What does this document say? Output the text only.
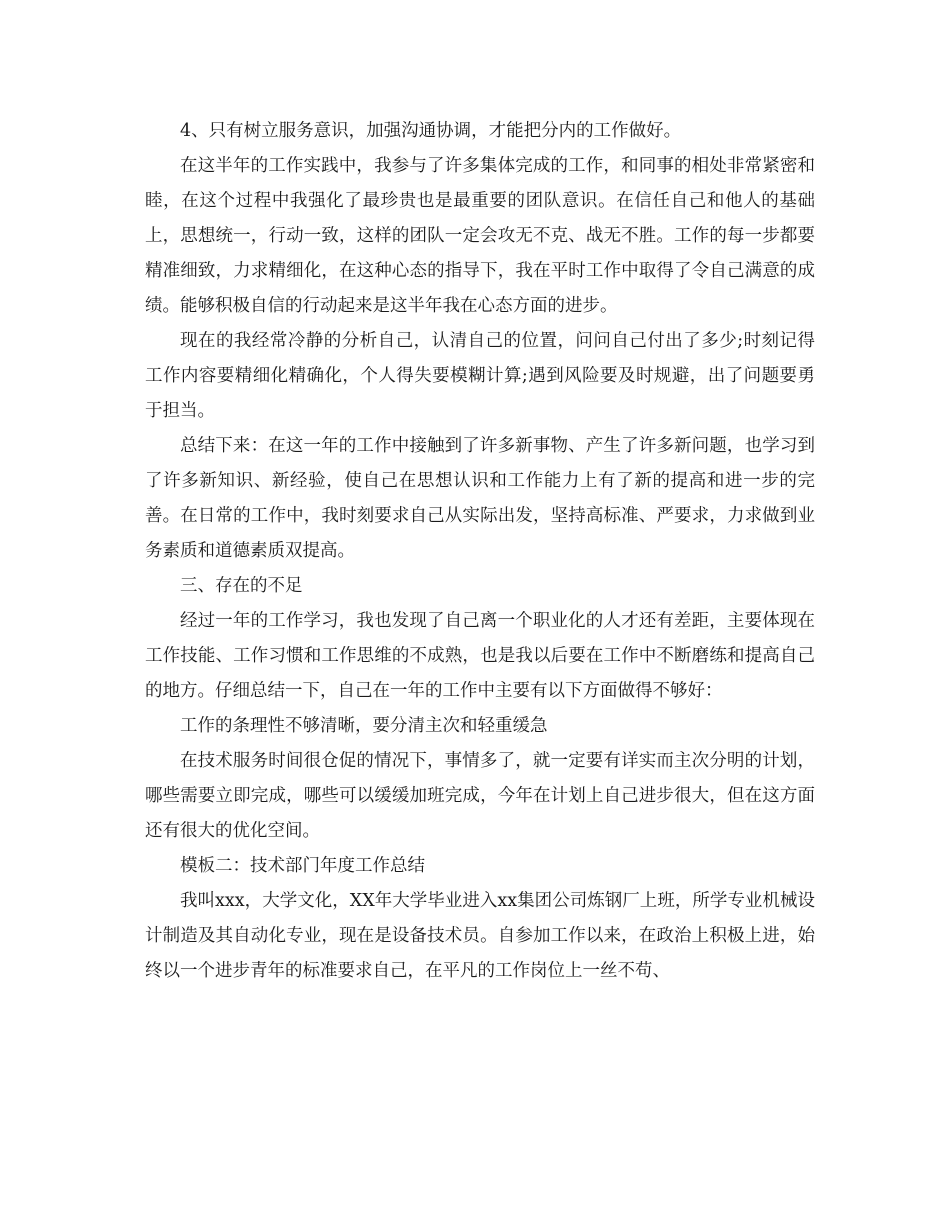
4、只有树立服务意识，加强沟通协调，才能把分内的工作做好。

在这半年的工作实践中，我参与了许多集体完成的工作，和同事的相处非常紧密和睦，在这个过程中我强化了最珍贵也是最重要的团队意识。在信任自己和他人的基础上，思想统一，行动一致，这样的团队一定会攻无不克、战无不胜。工作的每一步都要精准细致，力求精细化，在这种心态的指导下，我在平时工作中取得了令自己满意的成绩。能够积极自信的行动起来是这半年我在心态方面的进步。

现在的我经常冷静的分析自己，认清自己的位置，问问自己付出了多少;时刻记得工作内容要精细化精确化，个人得失要模糊计算;遇到风险要及时规避，出了问题要勇于担当。

总结下来：在这一年的工作中接触到了许多新事物、产生了许多新问题，也学习到了许多新知识、新经验，使自己在思想认识和工作能力上有了新的提高和进一步的完善。在日常的工作中，我时刻要求自己从实际出发，坚持高标准、严要求，力求做到业务素质和道德素质双提高。

三、存在的不足

经过一年的工作学习，我也发现了自己离一个职业化的人才还有差距，主要体现在工作技能、工作习惯和工作思维的不成熟，也是我以后要在工作中不断磨练和提高自己的地方。仔细总结一下，自己在一年的工作中主要有以下方面做得不够好：

工作的条理性不够清晰，要分清主次和轻重缓急

在技术服务时间很仓促的情况下，事情多了，就一定要有详实而主次分明的计划，哪些需要立即完成，哪些可以缓缓加班完成，今年在计划上自己进步很大，但在这方面还有很大的优化空间。

模板二：技术部门年度工作总结

我叫xxx，大学文化，XX年大学毕业进入xx集团公司炼钢厂上班，所学专业机械设计制造及其自动化专业，现在是设备技术员。自参加工作以来，在政治上积极上进，始终以一个进步青年的标准要求自己，在平凡的工作岗位上一丝不苟、
